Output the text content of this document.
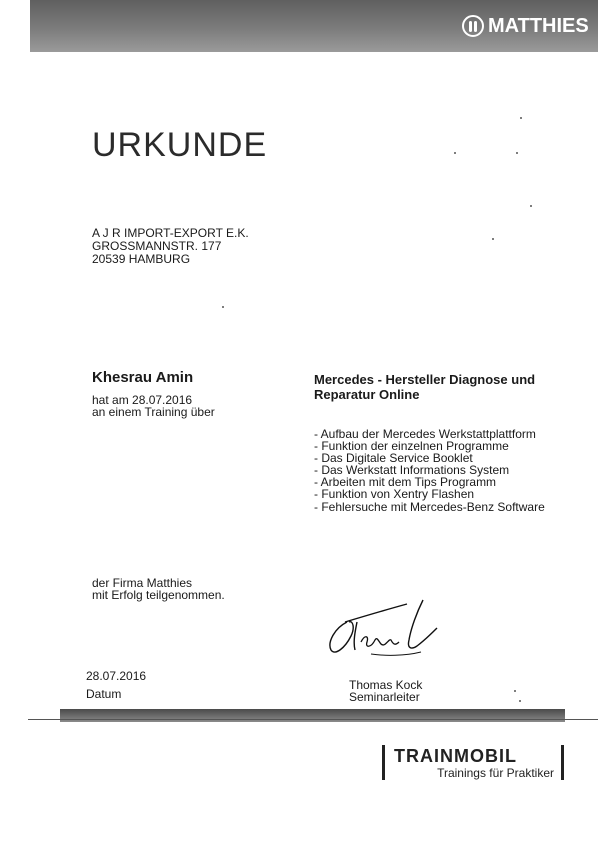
MATTHIES
URKUNDE
A J R IMPORT-EXPORT E.K.
GROSSMANNSTR. 177
20539 HAMBURG
Khesrau Amin
hat am 28.07.2016
an einem Training über
Mercedes - Hersteller Diagnose und Reparatur Online
- Aufbau der Mercedes Werkstattplattform
- Funktion der einzelnen Programme
- Das Digitale Service Booklet
- Das Werkstatt Informations System
- Arbeiten mit dem Tips Programm
- Funktion von Xentry Flashen
- Fehlersuche mit Mercedes-Benz Software
der Firma Matthies
mit Erfolg teilgenommen.
28.07.2016
Datum
Thomas Kock
Seminarleiter
TRAINMOBIL
Trainings für Praktiker
